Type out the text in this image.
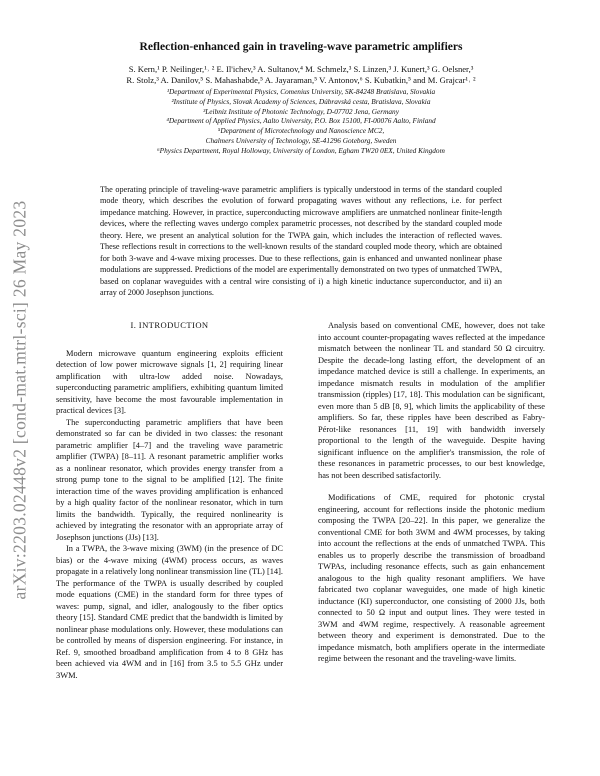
arXiv:2203.02448v2 [cond-mat.mtrl-sci] 26 May 2023
Reflection-enhanced gain in traveling-wave parametric amplifiers
S. Kern,¹ P. Neilinger,¹˒ ² E. Il'ichev,³ A. Sultanov,⁴ M. Schmelz,³ S. Linzen,³ J. Kunert,³ G. Oelsner,³
R. Stolz,³ A. Danilov,⁵ S. Mahashabde,⁵ A. Jayaraman,⁵ V. Antonov,⁶ S. Kubatkin,⁵ and M. Grajcar¹˒ ²
¹Department of Experimental Physics, Comenius University, SK-84248 Bratislava, Slovakia
²Institute of Physics, Slovak Academy of Sciences, Dúbravská cesta, Bratislava, Slovakia
³Leibniz Institute of Photonic Technology, D-07702 Jena, Germany
⁴Department of Applied Physics, Aalto University, P.O. Box 15100, FI-00076 Aalto, Finland
⁵Department of Microtechnology and Nanoscience MC2,
Chalmers University of Technology, SE-41296 Goteborg, Sweden
⁶Physics Department, Royal Holloway, University of London, Egham TW20 0EX, United Kingdom
The operating principle of traveling-wave parametric amplifiers is typically understood in terms of the standard coupled mode theory, which describes the evolution of forward propagating waves without any reflections, i.e. for perfect impedance matching. However, in practice, superconducting microwave amplifiers are unmatched nonlinear finite-length devices, where the reflecting waves undergo complex parametric processes, not described by the standard coupled mode theory. Here, we present an analytical solution for the TWPA gain, which includes the interaction of reflected waves. These reflections result in corrections to the well-known results of the standard coupled mode theory, which are obtained for both 3-wave and 4-wave mixing processes. Due to these reflections, gain is enhanced and unwanted nonlinear phase modulations are suppressed. Predictions of the model are experimentally demonstrated on two types of unmatched TWPA, based on coplanar waveguides with a central wire consisting of i) a high kinetic inductance superconductor, and ii) an array of 2000 Josephson junctions.
I. INTRODUCTION

Modern microwave quantum engineering exploits efficient detection of low power microwave signals [1, 2] requiring linear amplification with ultra-low added noise. Nowadays, superconducting parametric amplifiers, exhibiting quantum limited sensitivity, have become the most favourable implementation in practical devices [3].

The superconducting parametric amplifiers that have been demonstrated so far can be divided in two classes: the resonant parametric amplifier [4–7] and the traveling wave parametric amplifier (TWPA) [8–11]. A resonant parametric amplifier works as a nonlinear resonator, which provides energy transfer from a strong pump tone to the signal to be amplified [12]. The finite interaction time of the waves providing amplification is enhanced by a high quality factor of the nonlinear resonator, which in turn limits the bandwidth. Typically, the required nonlinearity is achieved by integrating the resonator with an appropriate array of Josephson junctions (JJs) [13].

In a TWPA, the 3-wave mixing (3WM) (in the presence of DC bias) or the 4-wave mixing (4WM) process occurs, as waves propagate in a relatively long nonlinear transmission line (TL) [14]. The performance of the TWPA is usually described by coupled mode equations (CME) in the standard form for three types of waves: pump, signal, and idler, analogously to the fiber optics theory [15]. Standard CME predict that the bandwidth is limited by nonlinear phase modulations only. However, these modulations can be controlled by means of dispersion engineering. For instance, in Ref. 9, smoothed broadband amplification from 4 to 8 GHz has been achieved via 4WM and in [16] from 3.5 to 5.5 GHz under 3WM.

Analysis based on conventional CME, however, does not take into account counter-propagating waves reflected at the impedance mismatch between the nonlinear TL and standard 50 Ω circuitry. Despite the decade-long lasting effort, the development of an impedance matched device is still a challenge. In experiments, an impedance mismatch results in modulation of the amplifier transmission (ripples) [17, 18]. This modulation can be significant, even more than 5 dB [8, 9], which limits the applicability of these amplifiers. So far, these ripples have been described as Fabry-Pérot-like resonances [11, 19] with bandwidth inversely proportional to the length of the waveguide. Despite having significant influence on the amplifier's transmission, the role of these resonances in parametric processes, to our best knowledge, has not been described satisfactorily.

Modifications of CME, required for photonic crystal engineering, account for reflections inside the photonic medium composing the TWPA [20–22]. In this paper, we generalize the conventional CME for both 3WM and 4WM processes, by taking into account the reflections at the ends of unmatched TWPA. This enables us to properly describe the transmission of broadband TWPAs, including resonance effects, such as gain enhancement analogous to the high quality resonant amplifiers. We have fabricated two coplanar waveguides, one made of high kinetic inductance (KI) superconductor, one consisting of 2000 JJs, both connected to 50 Ω input and output lines. They were tested in 3WM and 4WM regime, respectively. A reasonable agreement between theory and experiment is demonstrated. Due to the impedance mismatch, both amplifiers operate in the intermediate regime between the resonant and the traveling-wave limits.
